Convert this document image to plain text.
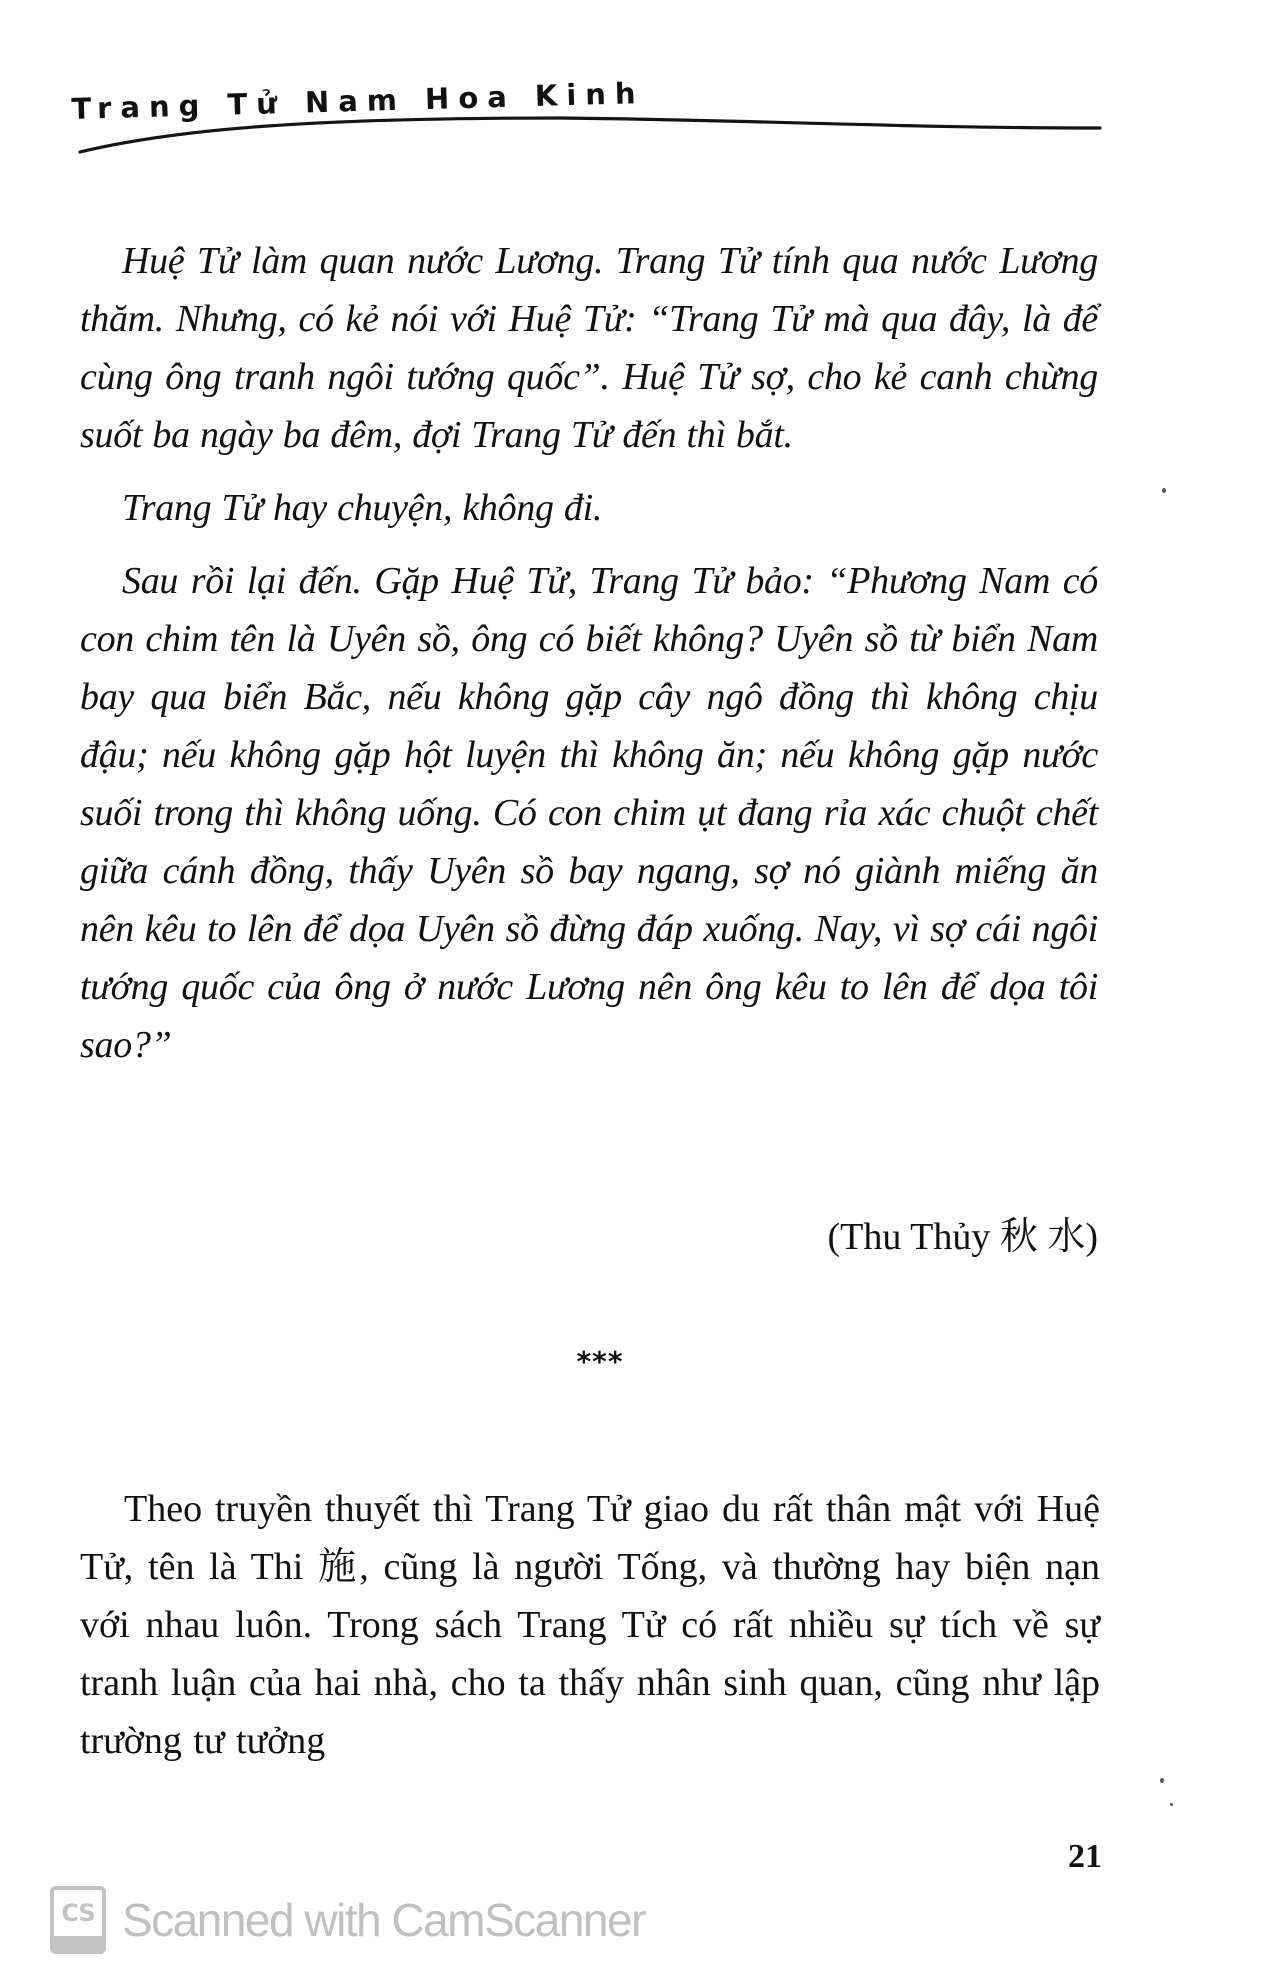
Trang Tử Nam Hoa Kinh

Huệ Tử làm quan nước Lương. Trang Tử tính qua nước Lương thăm. Nhưng, có kẻ nói với Huệ Tử: “Trang Tử mà qua đây, là để cùng ông tranh ngôi tướng quốc”. Huệ Tử sợ, cho kẻ canh chừng suốt ba ngày ba đêm, đợi Trang Tử đến thì bắt.

Trang Tử hay chuyện, không đi.

Sau rồi lại đến. Gặp Huệ Tử, Trang Tử bảo: “Phương Nam có con chim tên là Uyên sồ, ông có biết không? Uyên sồ từ biển Nam bay qua biển Bắc, nếu không gặp cây ngô đồng thì không chịu đậu; nếu không gặp hột luyện thì không ăn; nếu không gặp nước suối trong thì không uống. Có con chim ụt đang rỉa xác chuột chết giữa cánh đồng, thấy Uyên sồ bay ngang, sợ nó giành miếng ăn nên kêu to lên để dọa Uyên sồ đừng đáp xuống. Nay, vì sợ cái ngôi tướng quốc của ông ở nước Lương nên ông kêu to lên để dọa tôi sao?”

(Thu Thủy 秋 水)
***

Theo truyền thuyết thì Trang Tử giao du rất thân mật với Huệ Tử, tên là Thi 施, cũng là người Tống, và thường hay biện nạn với nhau luôn. Trong sách Trang Tử có rất nhiều sự tích về sự tranh luận của hai nhà, cho ta thấy nhân sinh quan, cũng như lập trường tư tưởng

21
CS Scanned with CamScanner
